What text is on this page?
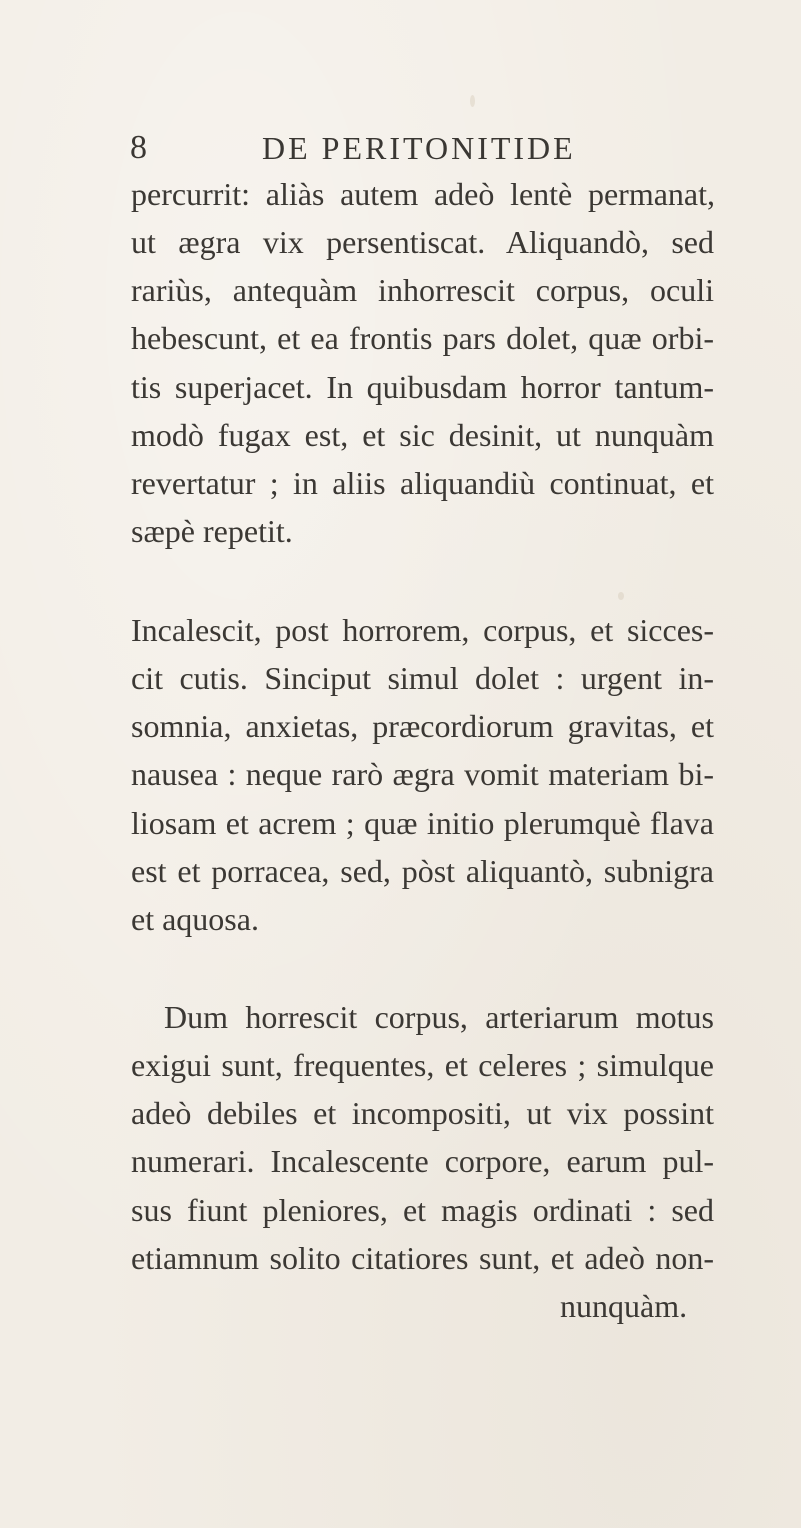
8	DE PERITONITIDE
percurrit: aliàs autem adeò lentè permanat,
ut ægra vix persentiscat. Aliquandò, sed
rariùs, antequàm inhorrescit corpus, oculi
hebescunt, et ea frontis pars dolet, quæ orbi-
tis superjacet. In quibusdam horror tantum-
modò fugax est, et sic desinit, ut nunquàm
revertatur ; in aliis aliquandiù continuat, et
sæpè repetit.
Incalescit, post horrorem, corpus, et sicces-
cit cutis. Sinciput simul dolet : urgent in-
somnia, anxietas, præcordiorum gravitas, et
nausea : neque rarò ægra vomit materiam bi-
liosam et acrem ; quæ initio plerumquè flava
est et porracea, sed, pòst aliquantò, subnigra
et aquosa.
Dum horrescit corpus, arteriarum motus
exigui sunt, frequentes, et celeres ; simulque
adeò debiles et incompositi, ut vix possint
numerari. Incalescente corpore, earum pul-
sus fiunt pleniores, et magis ordinati : sed
etiamnum solito citatiores sunt, et adeò non-
nunquàm.
